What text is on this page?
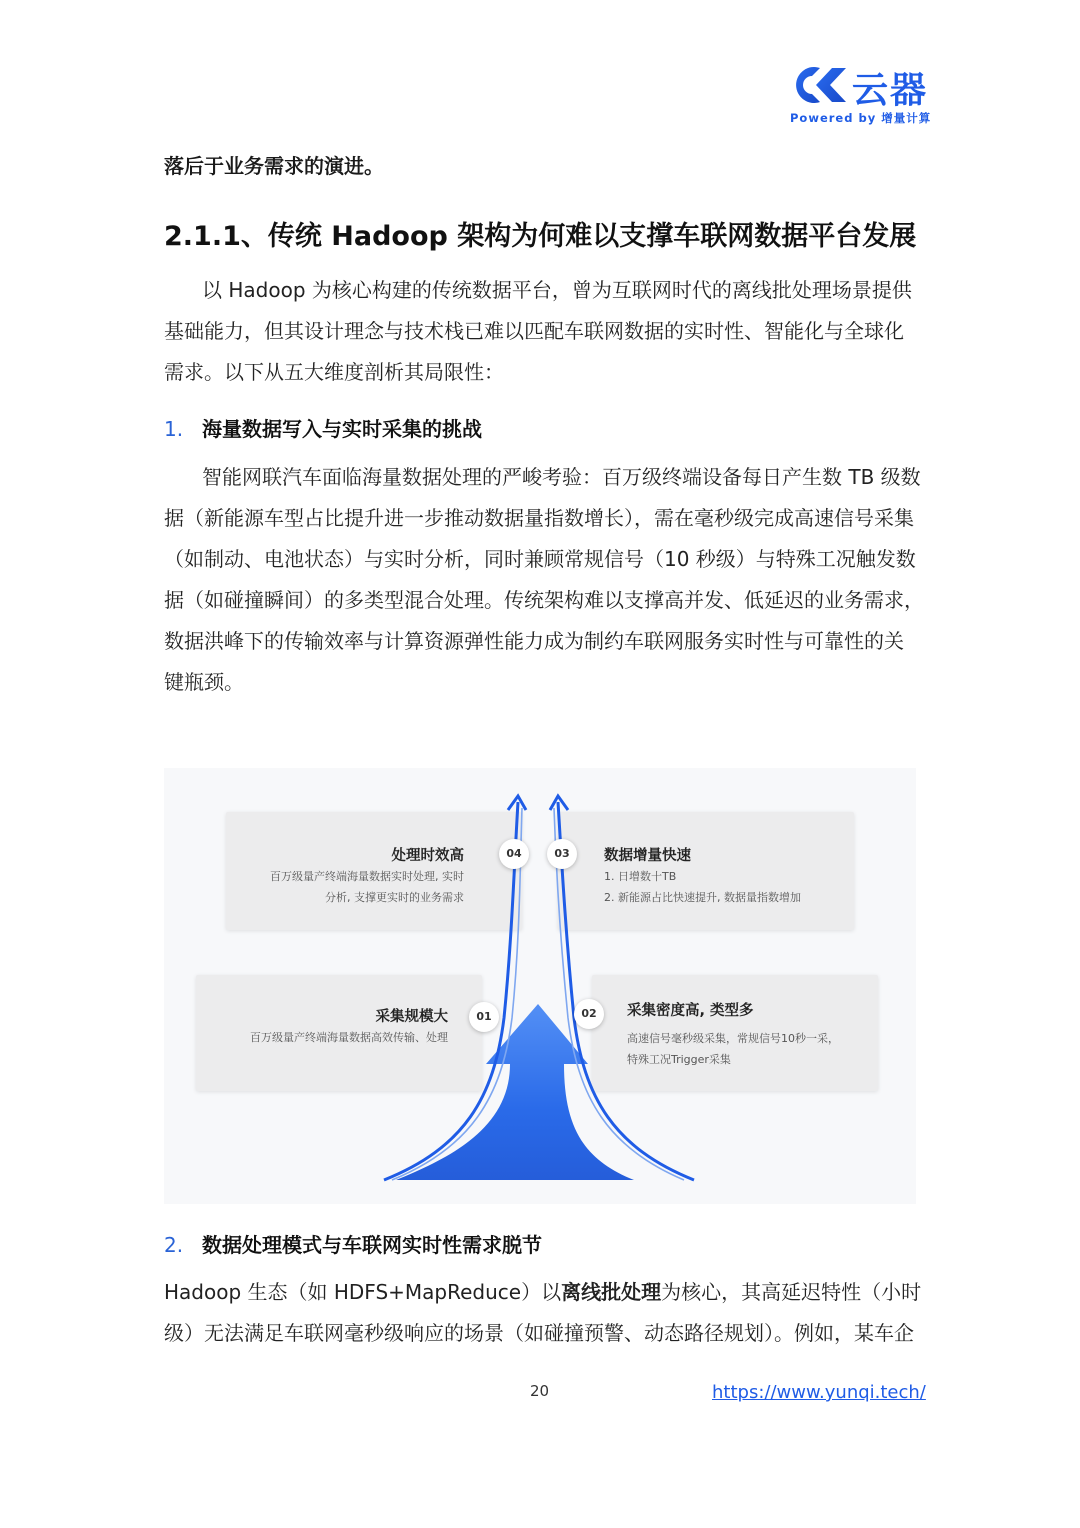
云器

Powered by 增量计算

落后于业务需求的演进。

2.1.1、传统 Hadoop 架构为何难以支撑车联网数据平台发展
以 Hadoop 为核心构建的传统数据平台，曾为互联网时代的离线批处理场景提供
基础能力，但其设计理念与技术栈已难以匹配车联网数据的实时性、智能化与全球化
需求。以下从五大维度剖析其局限性：

1. 海量数据写入与实时采集的挑战

智能网联汽车面临海量数据处理的严峻考验：百万级终端设备每日产生数 TB 级数
据（新能源车型占比提升进一步推动数据量指数增长），需在毫秒级完成高速信号采集
（如制动、电池状态）与实时分析，同时兼顾常规信号（10 秒级）与特殊工况触发数
据（如碰撞瞬间）的多类型混合处理。传统架构难以支撑高并发、低延迟的业务需求，
数据洪峰下的传输效率与计算资源弹性能力成为制约车联网服务实时性与可靠性的关
键瓶颈。
处理时效高
百万级量产终端海量数据实时处理, 实时
分析, 支撑更实时的业务需求
数据增量快速
1. 日增数十TB
2. 新能源占比快速提升, 数据量指数增加
采集规模大
百万级量产终端海量数据高效传输、处理
采集密度高, 类型多
高速信号毫秒级采集，常规信号10秒一采，
特殊工况Trigger采集
04	03
01	02

2. 数据处理模式与车联网实时性需求脱节

Hadoop 生态（如 HDFS+MapReduce）以离线批处理为核心，其高延迟特性（小时
级）无法满足车联网毫秒级响应的场景（如碰撞预警、动态路径规划）。例如，某车企

20	https://www.yunqi.tech/
